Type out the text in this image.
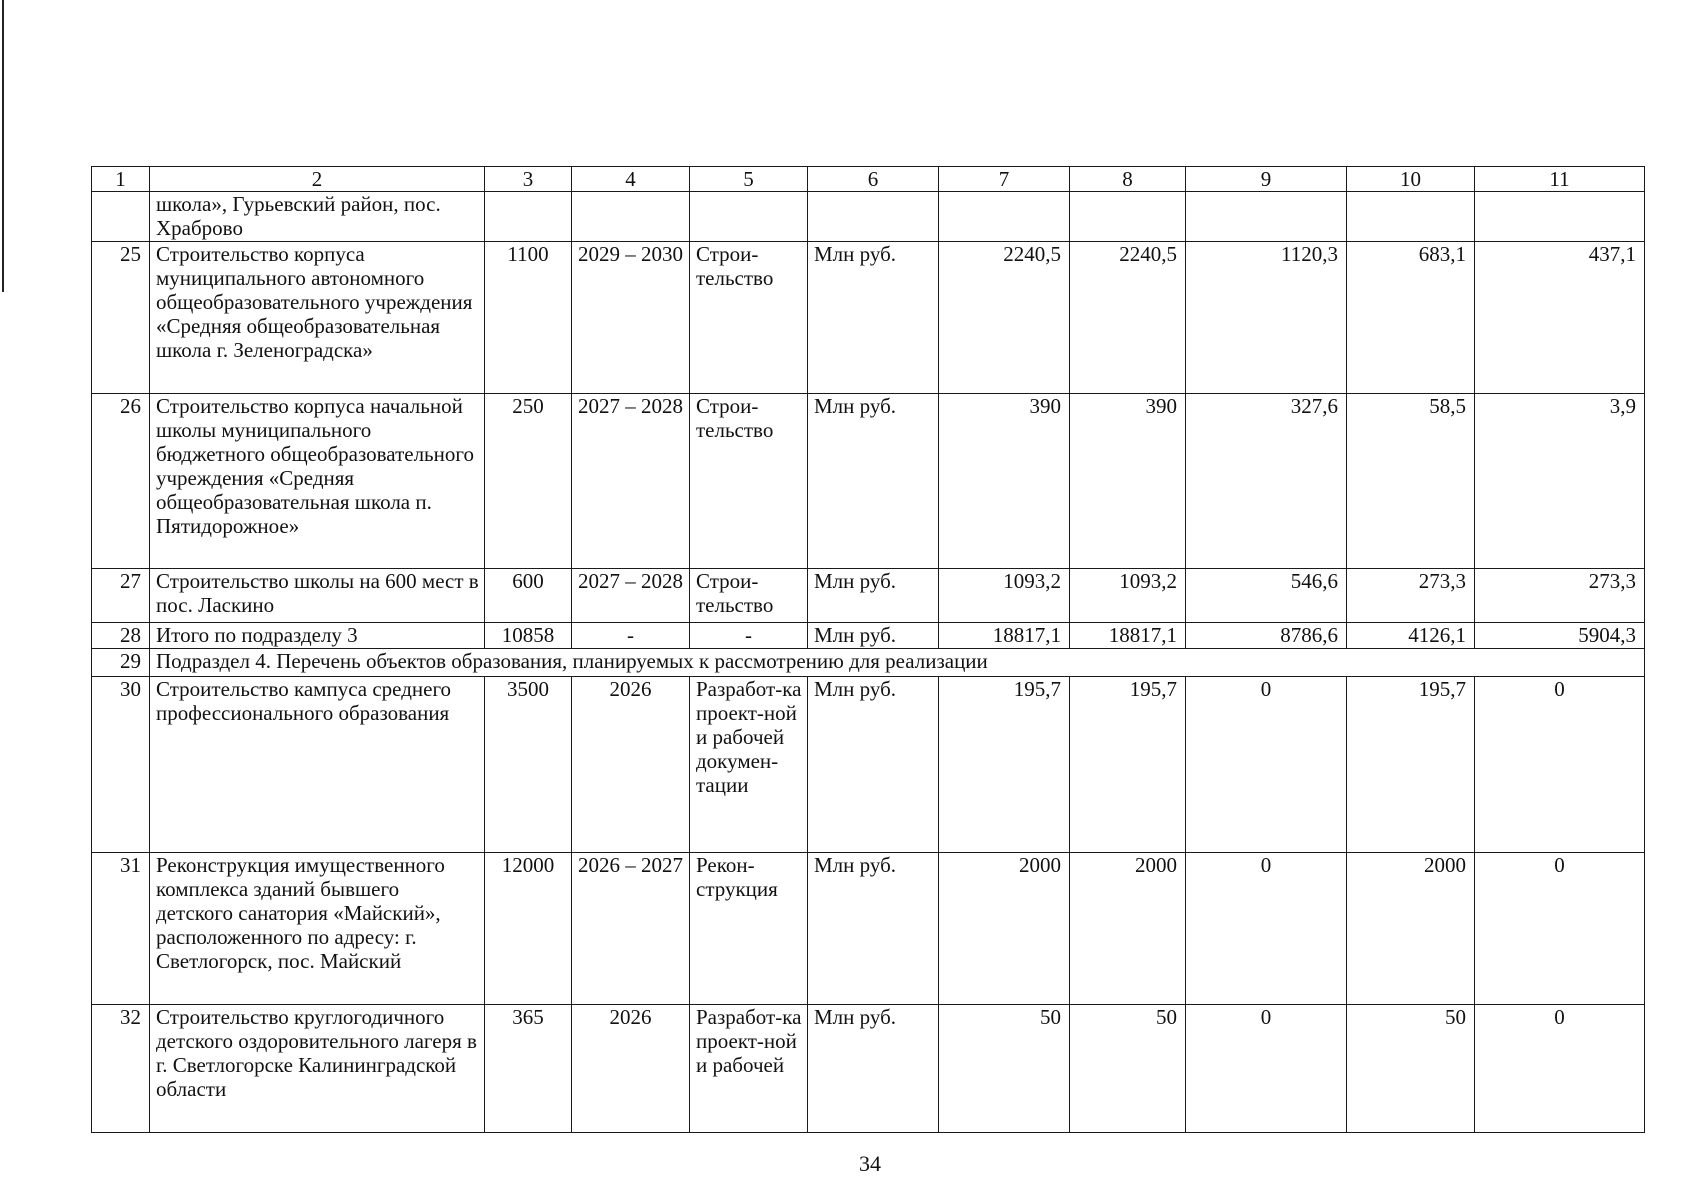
1	2	3	4	5	6	7	8	9	10	11
	школа», Гурьевский район, пос. Храброво									
25	Строительство корпуса муниципального автономного общеобразовательного учреждения «Средняя общеобразовательная школа г. Зеленоградска»	1100	2029 – 2030	Строи-тельство	Млн руб.	2240,5	2240,5	1120,3	683,1	437,1
26	Строительство корпуса начальной школы муниципального бюджетного общеобразовательного учреждения «Средняя общеобразовательная школа п. Пятидорожное»	250	2027 – 2028	Строи-тельство	Млн руб.	390	390	327,6	58,5	3,9
27	Строительство школы на 600 мест в пос. Ласкино	600	2027 – 2028	Строи-тельство	Млн руб.	1093,2	1093,2	546,6	273,3	273,3
28	Итого по подразделу 3	10858	-	-	Млн руб.	18817,1	18817,1	8786,6	4126,1	5904,3
29	Подраздел 4. Перечень объектов образования, планируемых к рассмотрению для реализации									
30	Строительство кампуса среднего профессионального образования	3500	2026	Разработ-ка проект-ной и рабочей докумен-тации	Млн руб.	195,7	195,7	0	195,7	0
31	Реконструкция имущественного комплекса зданий бывшего детского санатория «Майский», расположенного по адресу: г. Светлогорск, пос. Майский	12000	2026 – 2027	Рекон-струкция	Млн руб.	2000	2000	0	2000	0
32	Строительство круглогодичного детского оздоровительного лагеря в г. Светлогорске Калининградской области	365	2026	Разработ-ка проект-ной и рабочей	Млн руб.	50	50	0	50	0
34
